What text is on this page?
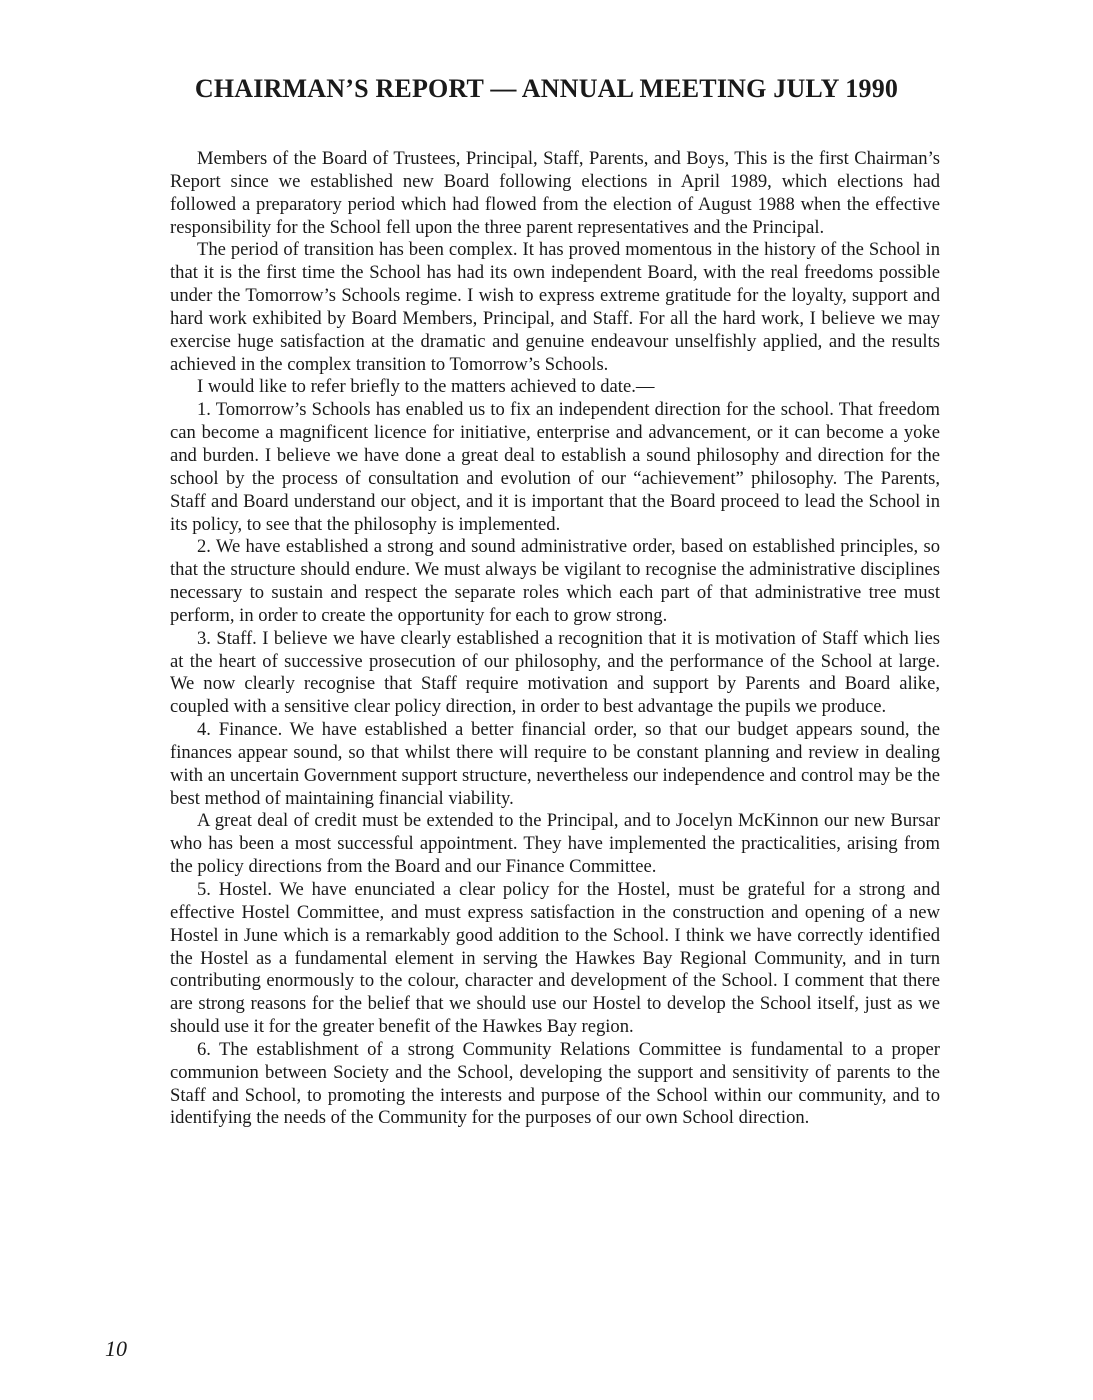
CHAIRMAN’S REPORT — ANNUAL MEETING JULY 1990

Members of the Board of Trustees, Principal, Staff, Parents, and Boys, This is the first Chairman’s Report since we established new Board following elections in April 1989, which elections had followed a preparatory period which had flowed from the election of August 1988 when the effective responsibility for the School fell upon the three parent representatives and the Principal.

The period of transition has been complex. It has proved momentous in the history of the School in that it is the first time the School has had its own independent Board, with the real freedoms possible under the Tomorrow’s Schools regime. I wish to express extreme gratitude for the loyalty, support and hard work exhibited by Board Members, Principal, and Staff. For all the hard work, I believe we may exercise huge satisfaction at the dramatic and genuine endeavour unselfishly applied, and the results achieved in the complex transition to Tomorrow’s Schools.

I would like to refer briefly to the matters achieved to date.—

1. Tomorrow’s Schools has enabled us to fix an independent direction for the school. That freedom can become a magnificent licence for initiative, enterprise and advancement, or it can become a yoke and burden. I believe we have done a great deal to establish a sound philosophy and direction for the school by the process of consultation and evolution of our “achievement” philosophy. The Parents, Staff and Board understand our object, and it is important that the Board proceed to lead the School in its policy, to see that the philosophy is implemented.

2. We have established a strong and sound administrative order, based on established principles, so that the structure should endure. We must always be vigilant to recognise the administrative disciplines necessary to sustain and respect the separate roles which each part of that administrative tree must perform, in order to create the opportunity for each to grow strong.

3. Staff. I believe we have clearly established a recognition that it is motivation of Staff which lies at the heart of successive prosecution of our philosophy, and the performance of the School at large. We now clearly recognise that Staff require motivation and support by Parents and Board alike, coupled with a sensitive clear policy direction, in order to best advantage the pupils we produce.

4. Finance. We have established a better financial order, so that our budget appears sound, the finances appear sound, so that whilst there will require to be constant planning and review in dealing with an uncertain Government support structure, nevertheless our independence and control may be the best method of maintaining financial viability.

A great deal of credit must be extended to the Principal, and to Jocelyn McKinnon our new Bursar who has been a most successful appointment. They have implemented the practicalities, arising from the policy directions from the Board and our Finance Committee.

5. Hostel. We have enunciated a clear policy for the Hostel, must be grateful for a strong and effective Hostel Committee, and must express satisfaction in the construction and opening of a new Hostel in June which is a remarkably good addition to the School. I think we have correctly identified the Hostel as a fundamental element in serving the Hawkes Bay Regional Community, and in turn contributing enormously to the colour, character and development of the School. I comment that there are strong reasons for the belief that we should use our Hostel to develop the School itself, just as we should use it for the greater benefit of the Hawkes Bay region.

6. The establishment of a strong Community Relations Committee is fundamental to a proper communion between Society and the School, developing the support and sensitivity of parents to the Staff and School, to promoting the interests and purpose of the School within our community, and to identifying the needs of the Community for the purposes of our own School direction.

10
